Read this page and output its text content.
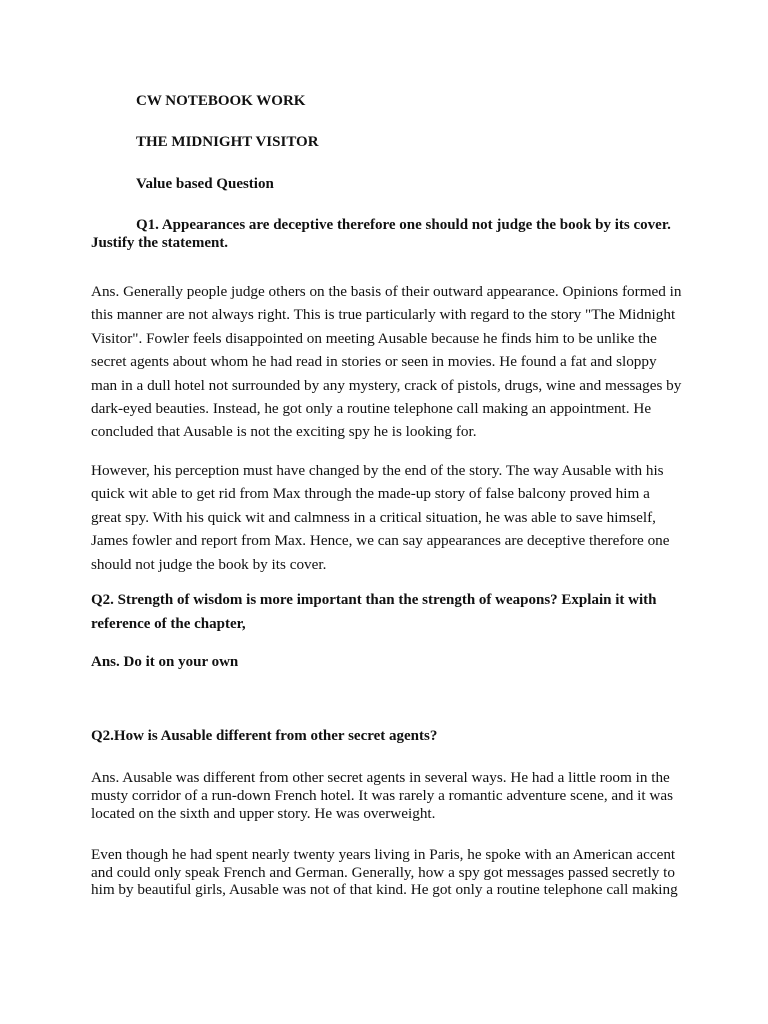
CW NOTEBOOK WORK
THE MIDNIGHT VISITOR
Value based Question
Q1. Appearances are deceptive therefore one should not judge the book by its cover.
Justify the statement.
Ans. Generally people judge others on the basis of their outward appearance. Opinions formed in
this manner are not always right. This is true particularly with regard to the story "The Midnight
Visitor". Fowler feels disappointed on meeting Ausable because he finds him to be unlike the
secret agents about whom he had read in stories or seen in movies. He found a fat and sloppy
man in a dull hotel not surrounded by any mystery, crack of pistols, drugs, wine and messages by
dark-eyed beauties. Instead, he got only a routine telephone call making an appointment. He
concluded that Ausable is not the exciting spy he is looking for.
However, his perception must have changed by the end of the story. The way Ausable with his
quick wit able to get rid from Max through the made-up story of false balcony proved him a
great spy. With his quick wit and calmness in a critical situation, he was able to save himself,
James fowler and report from Max. Hence, we can say appearances are deceptive therefore one
should not judge the book by its cover.
Q2. Strength of wisdom is more important than the strength of weapons? Explain it with
reference of the chapter,
Ans. Do it on your own
Q2.How is Ausable different from other secret agents?
Ans. Ausable was different from other secret agents in several ways. He had a little room in the
musty corridor of a run-down French hotel. It was rarely a romantic adventure scene, and it was
located on the sixth and upper story. He was overweight.
Even though he had spent nearly twenty years living in Paris, he spoke with an American accent
and could only speak French and German. Generally, how a spy got messages passed secretly to
him by beautiful girls, Ausable was not of that kind. He got only a routine telephone call making
